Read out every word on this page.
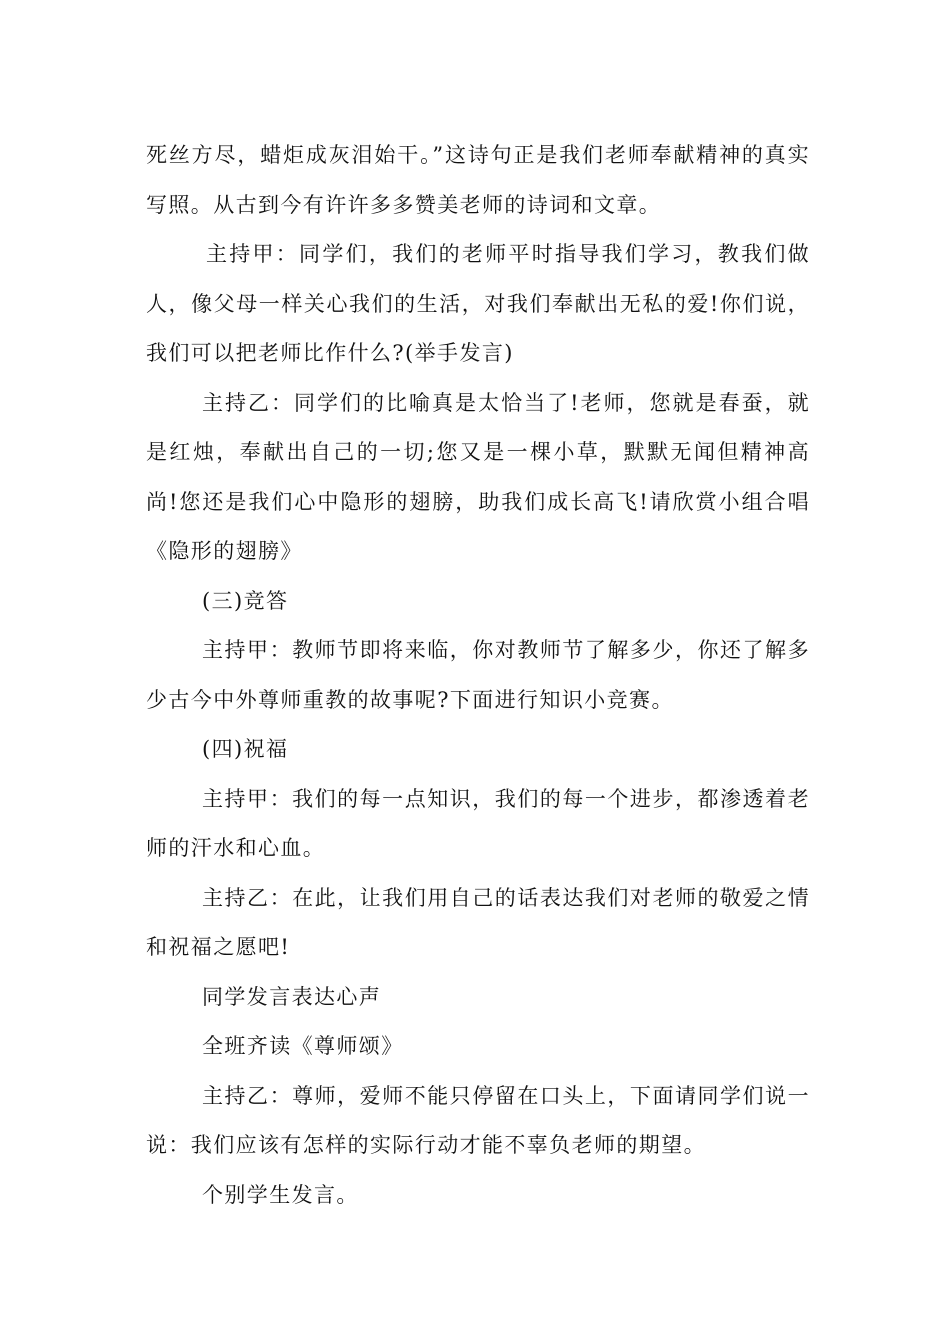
死丝方尽，蜡炬成灰泪始干。”这诗句正是我们老师奉献精神的真实写照。从古到今有许许多多赞美老师的诗词和文章。

主持甲：同学们，我们的老师平时指导我们学习，教我们做人，像父母一样关心我们的生活，对我们奉献出无私的爱!你们说，我们可以把老师比作什么?(举手发言)

主持乙：同学们的比喻真是太恰当了!老师，您就是春蚕，就是红烛，奉献出自己的一切;您又是一棵小草，默默无闻但精神高尚!您还是我们心中隐形的翅膀，助我们成长高飞!请欣赏小组合唱《隐形的翅膀》

(三)竞答

主持甲：教师节即将来临，你对教师节了解多少，你还了解多少古今中外尊师重教的故事呢?下面进行知识小竞赛。

(四)祝福

主持甲：我们的每一点知识，我们的每一个进步，都渗透着老师的汗水和心血。

主持乙：在此，让我们用自己的话表达我们对老师的敬爱之情和祝福之愿吧!

同学发言表达心声

全班齐读《尊师颂》

主持乙：尊师，爱师不能只停留在口头上，下面请同学们说一说：我们应该有怎样的实际行动才能不辜负老师的期望。

个别学生发言。
